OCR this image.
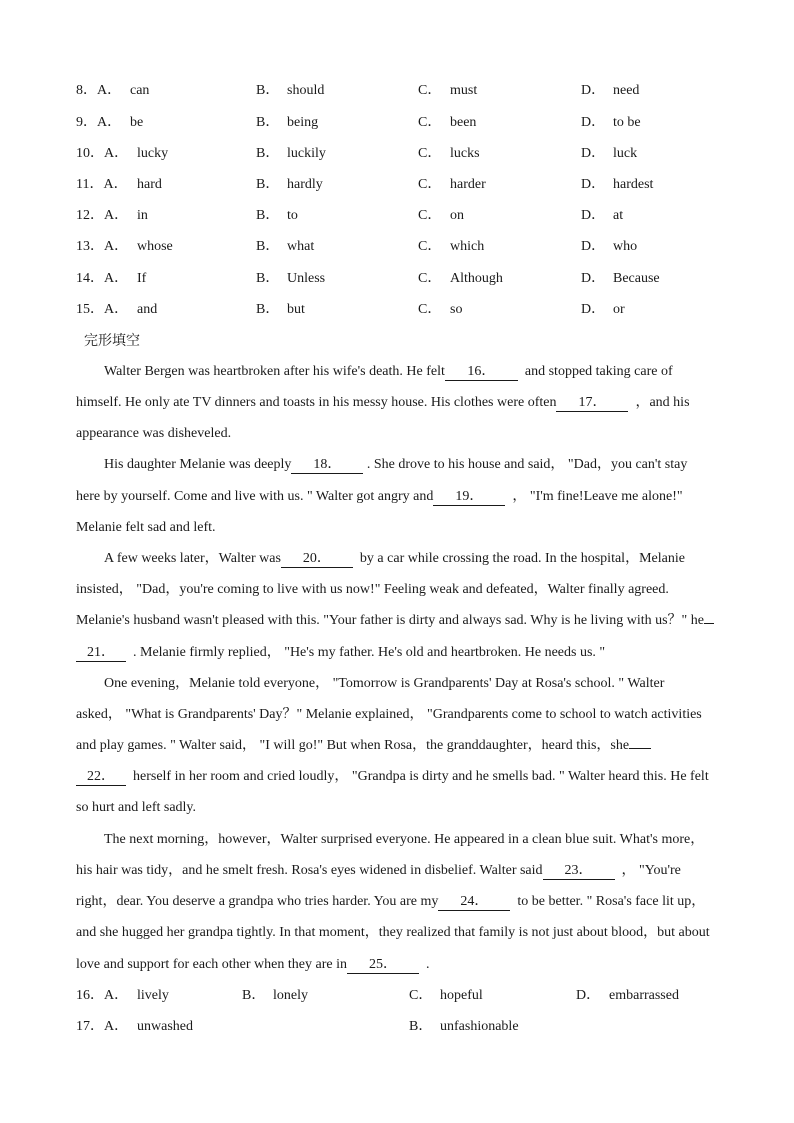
8．A． can	B． should	C． must	D． need
9．A． be	B． being	C． been	D． to be
10．A． lucky	B． luckily	C． lucks	D． luck
11．A． hard	B． hardly	C． harder	D． hardest
12．A． in	B． to	C． on	D． at
13．A． whose	B． what	C． which	D． who
14．A． If	B． Unless	C． Although	D． Because
15．A． and	B． but	C． so	D． or
完形填空
Walter Bergen was heartbroken after his wife's death. He felt 16． and stopped taking care of
himself. He only ate TV dinners and toasts in his messy house. His clothes were often 17． ，and his
appearance was disheveled.
His daughter Melanie was deeply 18． . She drove to his house and said， "Dad，you can't stay
here by yourself. Come and live with us. " Walter got angry and 19． ， "I'm fine!Leave me alone!"
Melanie felt sad and left.
A few weeks later，Walter was 20． by a car while crossing the road. In the hospital，Melanie
insisted， "Dad，you're coming to live with us now!" Feeling weak and defeated，Walter finally agreed.
Melanie's husband wasn't pleased with this. "Your father is dirty and always sad. Why is he living with us？" he
21． . Melanie firmly replied， "He's my father. He's old and heartbroken. He needs us. "
One evening，Melanie told everyone， "Tomorrow is Grandparents' Day at Rosa's school. " Walter
asked， "What is Grandparents' Day？" Melanie explained， "Grandparents come to school to watch activities
and play games. " Walter said， "I will go!" But when Rosa，the granddaughter，heard this，she
22． herself in her room and cried loudly， "Grandpa is dirty and he smells bad. " Walter heard this. He felt
so hurt and left sadly.
The next morning，however，Walter surprised everyone. He appeared in a clean blue suit. What's more，
his hair was tidy，and he smelt fresh. Rosa's eyes widened in disbelief. Walter said 23． ， "You're
right，dear. You deserve a grandpa who tries harder. You are my 24． to be better. " Rosa's face lit up，
and she hugged her grandpa tightly. In that moment，they realized that family is not just about blood，but about
love and support for each other when they are in 25． .
16．A． lively	B． lonely	C． hopeful	D． embarrassed
17．A． unwashed	B． unfashionable
